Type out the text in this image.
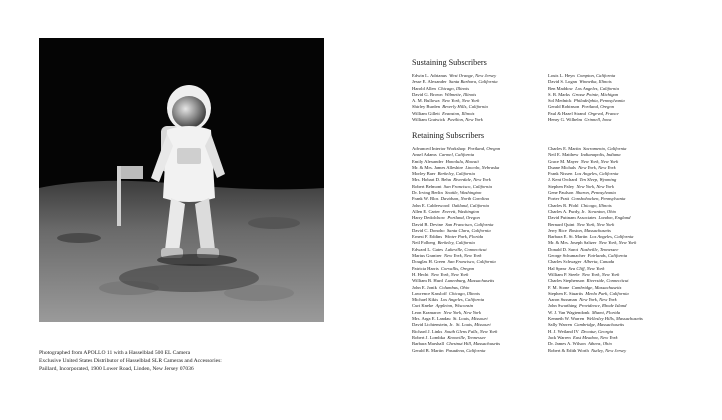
Photographed from APOLLO 11 with a Hasselblad 500 EL Camera
Exclusive United States Distributor of Hasselblad SLR Cameras and Accessories:
Paillard, Incorporated, 1900 Lower Road, Linden, New Jersey 07036
Sustaining Subscribers
Edwin L. Adrianus  West Orange, New Jersey
Jesse E. Alexander  Santa Barbara, California
Harold Allen  Chicago, Illinois
David G. Brown  Wilmette, Illinois
A. M. Bullowa  New York, New York
Shirley Burden  Beverly Hills, California
William Gillett  Evanston, Illinois
William Gratwick  Pavilion, New York
Louis L. Heyn  Compton, California
David S. Logan  Winnetka, Illinois
Ben Maddow  Los Angeles, California
S. B. Marks  Grosse Pointe, Michigan
Sol Mednick  Philadelphia, Pennsylvania
Gerald Robinson  Portland, Oregon
Paul & Hazel Strand  Orgeval, France
Henry G. Wilhelm  Grinnell, Iowa
Retaining Subscribers
Advanced Interior Workshop  Portland, Oregon
Ansel Adams  Carmel, California
Emily Alexander  Honolulu, Hawaii
Mr. & Mrs. James Alleshire  Lincoln, Nebraska
Morley Baer  Berkeley, California
Mrs. Hobart D. Behn  Riverdale, New York
Robert Belmont  San Francisco, California
Dr. Irving Berlin  Seattle, Washington
Frank W. Blos  Davidson, North Carolina
John E. Calderwood  Oakland, California
Allen E. Carter  Everett, Washington
Harry Dedolchow  Portland, Oregon
David B. Devine  San Francisco, California
David C. Donoho  Santa Clara, California
Ernest F. Eddins  Winter Park, Florida
Neil Folberg  Berkeley, California
Edward L. Gates  Lakeville, Connecticut
Marius Granirer  New York, New York
Douglas H. Green  San Francisco, California
Patricia Harris  Corvallis, Oregon
H. Hecht  New York, New York
William B. Hurd  Lunenburg, Massachusetts
John E. Jonik  Columbus, Ohio
Lawrence Kassloff  Chicago, Illinois
Michael Kikis  Los Angeles, California
Curt Kneke  Appleton, Wisconsin
Leon Kramarov  New York, New York
Mrs. Arga E. Landau  St. Louis, Missouri
David Lichtenstein, Jr.  St. Louis, Missouri
Richard J. Links  South Glens Falls, New York
Robert J. Lombka  Knoxville, Tennessee
Barbara Marshall  Chestnut Hill, Massachusetts
Gerald B. Martin  Pasadena, California
Charles E. Martin  Sacramento, California
Neil E. Matthew  Indianapolis, Indiana
Grace M. Mayer  New York, New York
Duane Michals  New York, New York
Frank Nissen  Los Angeles, California
J. Kent Orchard  Ten Sleep, Wyoming
Stephen Paley  New York, New York
Gene Paulson  Sharon, Pennsylvania
Porter Pratt  Conshohocken, Pennsylvania
Charles R. Pfohl  Chicago, Illinois
Charles A. Purdy, Jr.  Scranton, Ohio
David Puttnam Associates  London, England
Bernard Quint  New York, New York
Jerry Rice  Boston, Massachusetts
Barbara E. St. Martin  Los Angeles, California
Mr. & Mrs. Joseph Saltzer  New York, New York
Donald D. Sarot  Nashville, Tennessee
George Schumacher  Fairlands, California
Charles Schwager  Alberta, Canada
Hal Spear  Sea Cliff, New York
William P. Steele  New York, New York
Charles Stephenson  Riverside, Connecticut
F. M. Stone  Cambridge, Massachusetts
Stephen E. Stuartis  Menlo Park, California
Aaron Sussman  New York, New York
John Swarthing  Providence, Rhode Island
W. J. Van Wagtendonk  Miami, Florida
Kenneth W. Warren  Wellesley Hills, Massachusetts
Sally Warren  Cambridge, Massachusetts
H. J. Weiland IV  Decatur, Georgia
Jack Warren  East Meadow, New York
Dr. James A. Wilson  Athens, Ohio
Robert & Edith Worth  Nutley, New Jersey
